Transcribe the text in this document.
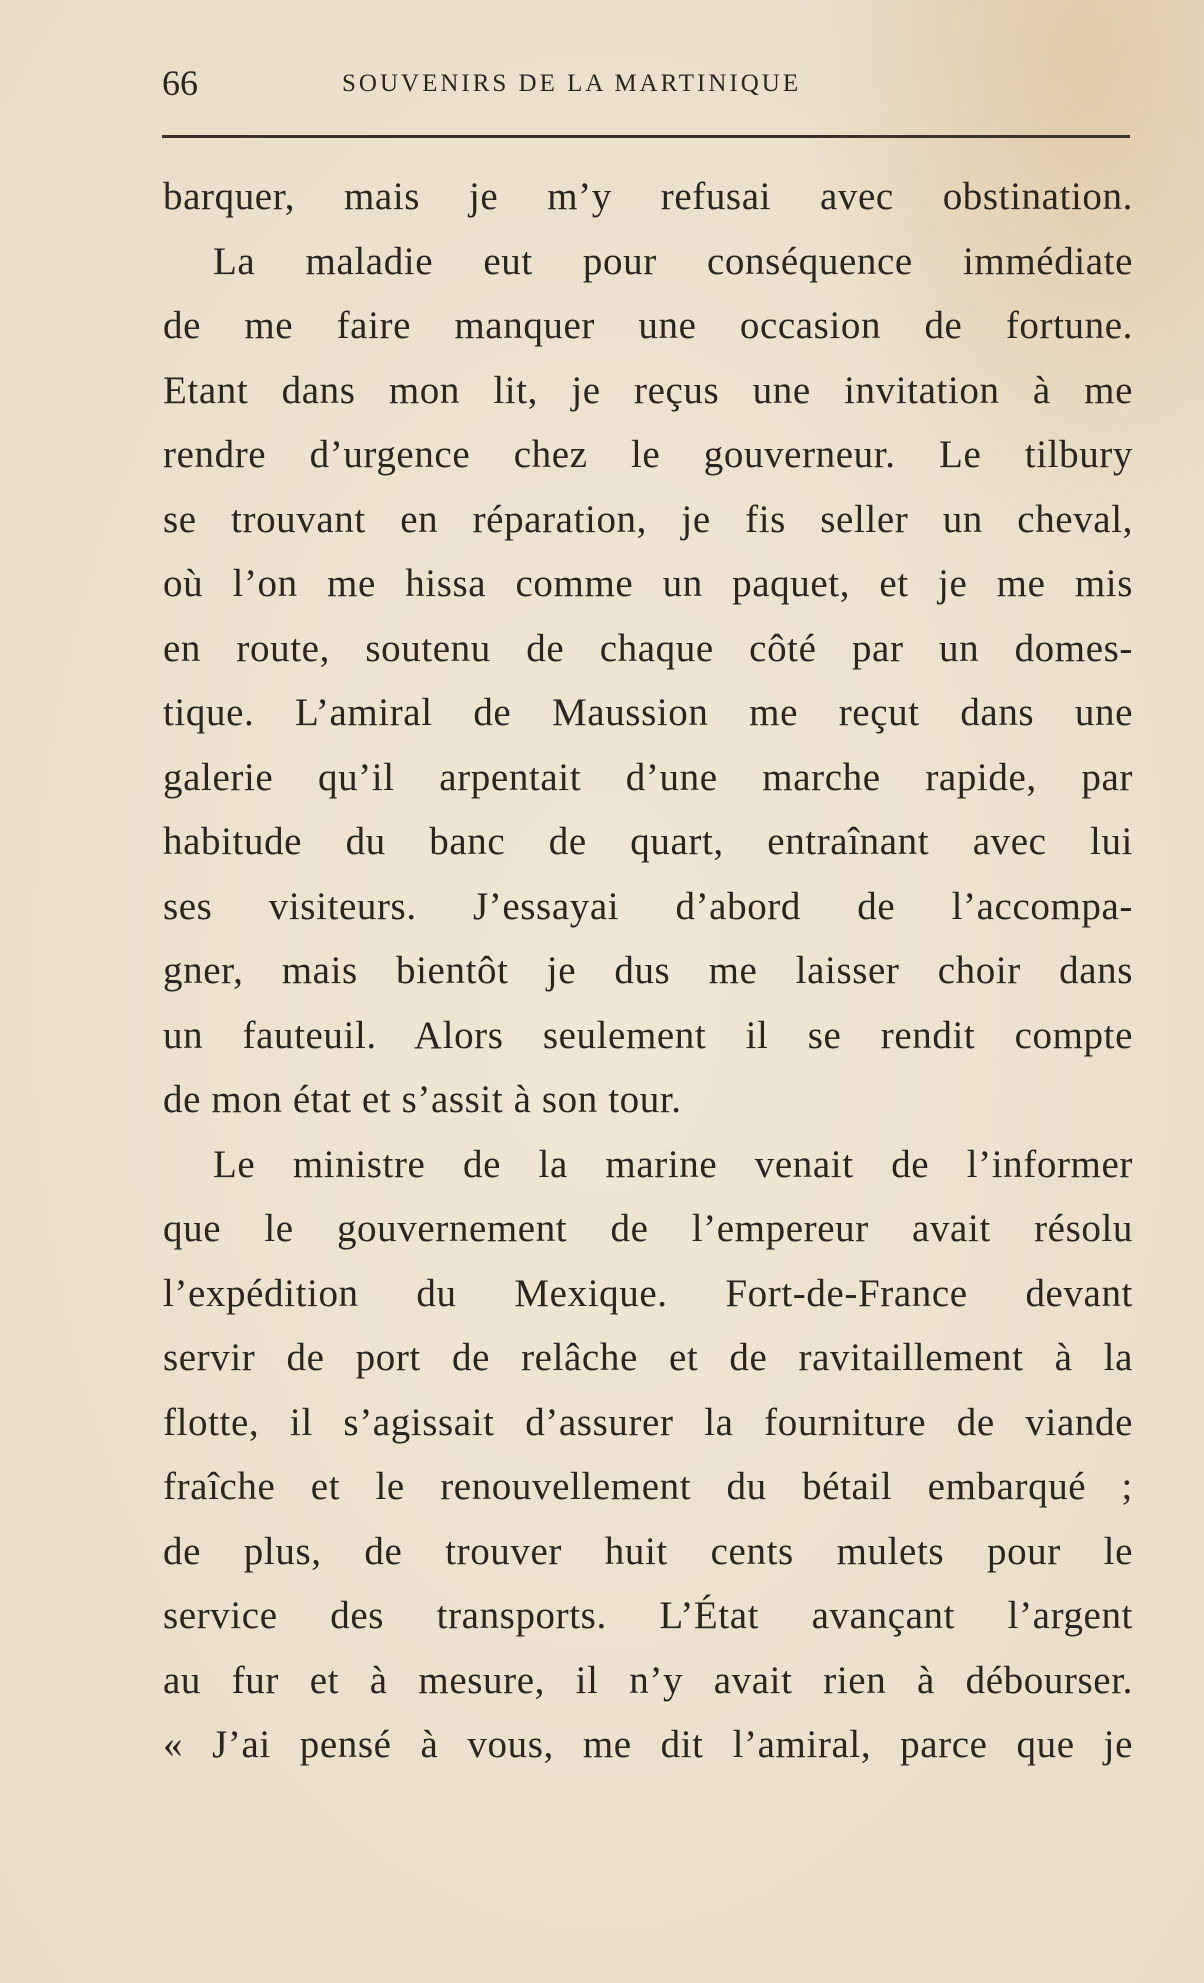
66	SOUVENIRS DE LA MARTINIQUE
barquer, mais je m’y refusai avec obstination.
La maladie eut pour conséquence immédiate
de me faire manquer une occasion de fortune.
Etant dans mon lit, je reçus une invitation à me
rendre d’urgence chez le gouverneur. Le tilbury
se trouvant en réparation, je fis seller un cheval,
où l’on me hissa comme un paquet, et je me mis
en route, soutenu de chaque côté par un domes-
tique. L’amiral de Maussion me reçut dans une
galerie qu’il arpentait d’une marche rapide, par
habitude du banc de quart, entraînant avec lui
ses visiteurs. J’essayai d’abord de l’accompa-
gner, mais bientôt je dus me laisser choir dans
un fauteuil. Alors seulement il se rendit compte
de mon état et s’assit à son tour.
Le ministre de la marine venait de l’informer
que le gouvernement de l’empereur avait résolu
l’expédition du Mexique. Fort-de-France devant
servir de port de relâche et de ravitaillement à la
flotte, il s’agissait d’assurer la fourniture de viande
fraîche et le renouvellement du bétail embarqué ;
de plus, de trouver huit cents mulets pour le
service des transports. L’État avançant l’argent
au fur et à mesure, il n’y avait rien à débourser.
« J’ai pensé à vous, me dit l’amiral, parce que je
